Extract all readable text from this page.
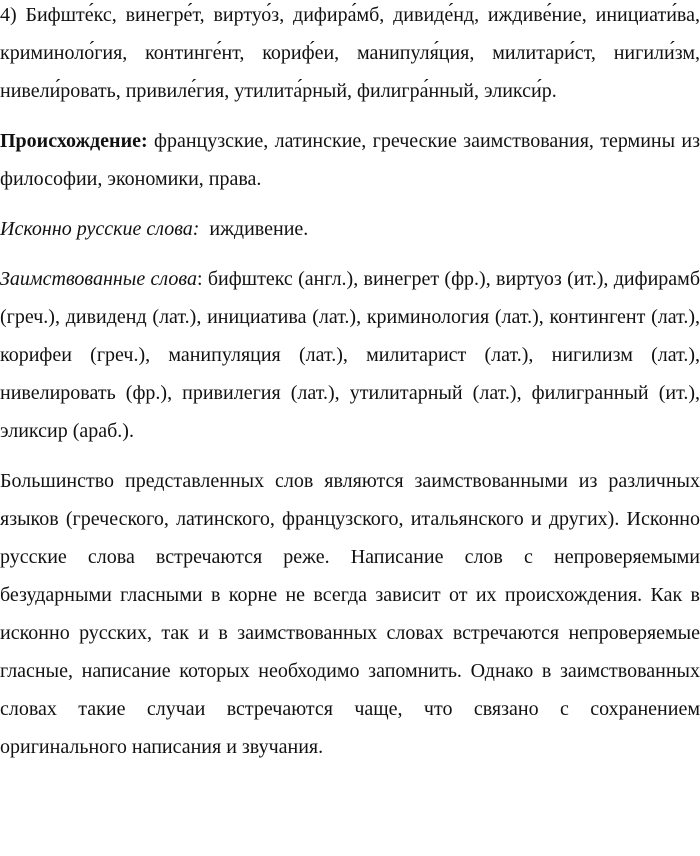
4) Бифште́кс, винегре́т, виртуо́з, дифира́мб, дивиде́нд, иждиве́ние, инициати́ва, криминоло́гия, континге́нт, кориф́еи, манипуля́ция, милитари́ст, нигили́зм, нивели́ровать, привиле́гия, утилита́рный, филигра́нный, эликси́р.

Происхождение: французские, латинские, греческие заимствования, термины из философии, экономики, права.

Исконно русские слова:  иждивение.

Заимствованные слова: бифштекс (англ.), винегрет (фр.), виртуоз (ит.), дифирамб (греч.), дивиденд (лат.), инициатива (лат.), криминология (лат.), контингент (лат.), корифеи (греч.), манипуляция (лат.), милитарист (лат.), нигилизм (лат.), нивелировать (фр.), привилегия (лат.), утилитарный (лат.), филигранный (ит.), эликсир (араб.).

Большинство представленных слов являются заимствованными из различных языков (греческого, латинского, французского, итальянского и других). Исконно русские слова встречаются реже. Написание слов с непроверяемыми безударными гласными в корне не всегда зависит от их происхождения. Как в исконно русских, так и в заимствованных словах встречаются непроверяемые гласные, написание которых необходимо запомнить. Однако в заимствованных словах такие случаи встречаются чаще, что связано с сохранением оригинального написания и звучания.
